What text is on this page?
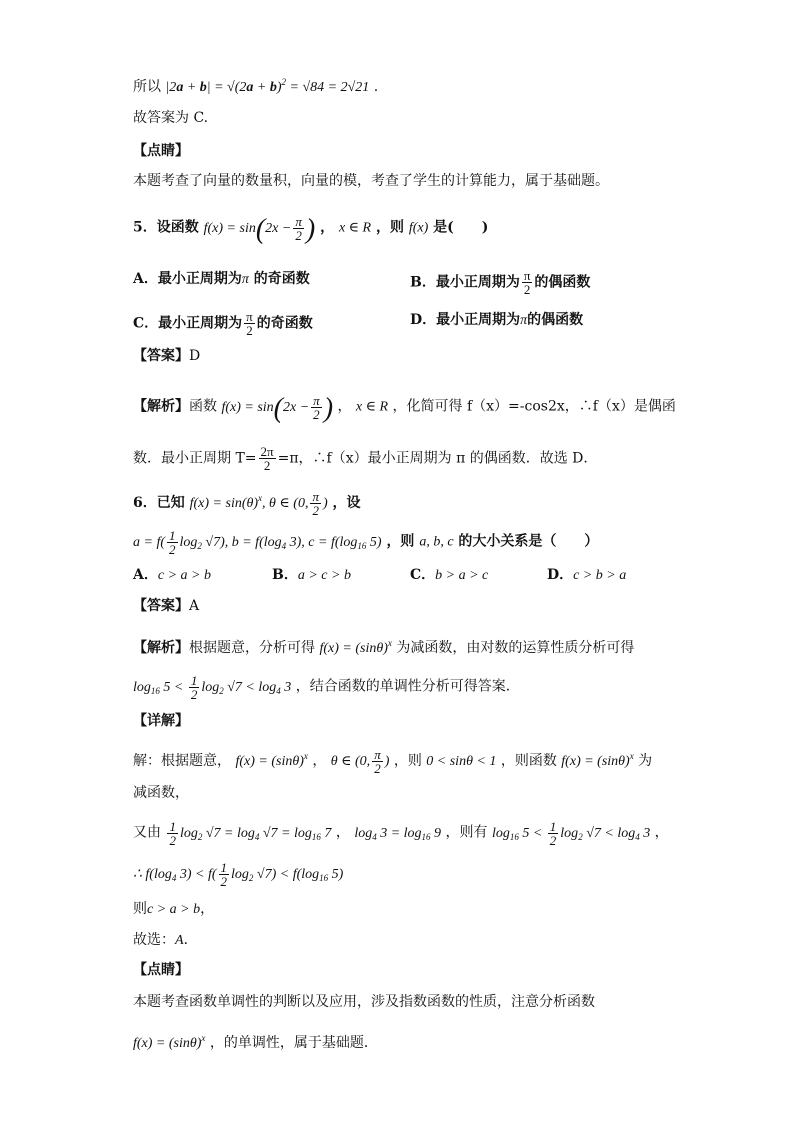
所以 $|2a + b| = √(2a + b)^2 = √84 = 2√21$ .
故答案为 C.
【点睛】
本题考查了向量的数量积，向量的模，考查了学生的计算能力，属于基础题。
5．设函数 $f(x) = \sin(2x - \frac{\pi}{2}$ ) ， x ∈ R ，则 f(x) 是(　　)
A．最小正周期为π 的奇函数	B．最小正周期为 $\frac{\pi}{2}$ 的偶函数
C．最小正周期为 $\frac{\pi}{2}$ 的奇函数	D．最小正周期为π的偶函数
【答案】D
【解析】函数 $f(x) = \sin(2x - \frac{\pi}{2}$ ) ， x ∈ R ，化简可得 f（x）=-cos2x，∴f（x）是偶函
数．最小正周期 $T= \frac{2\pi}{2} =\pi$，∴f（x）最小正周期为 π 的偶函数．故选 D．
6．已知 $f(x) = \sin(\theta)^x$, θ ∈ (0, $\frac{\pi}{2}$ ) ，设
$a = f( \frac{1}{2} \log_2 √7)$, $b = f(\log_4$ 3), $c = f(\log_{16}$ 5) ，则 a, b, c 的大小关系是（　　）
A．c > a > b	B．a > c > b	C．b > a > c	D．c > b > a
【答案】A
【解析】根据题意，分析可得 $f(x) = (\sin\theta)^x$ 为减函数，由对数的运算性质分析可得
$\log_{16} 5 < \frac{1}{2} \log_2 √7 < \log_4 3$ ，结合函数的单调性分析可得答案．
【详解】
解：根据题意， $f(x) = (\sin\theta)^x$ ， θ ∈ (0, $\frac{\pi}{2}$ ) ，则 0 < sinθ < 1 ，则函数 $f(x) = (\sin\theta)^x$ 为
减函数，
又由 $\frac{1}{2} \log_2 √7 = \log_4 √7 = \log_{16} 7$ ， $\log_4 3 = \log_{16} 9$ ，则有 $\log_{16} 5 < \frac{1}{2} \log_2 √7 < \log_4 3$ ，
∴ $f(\log_4$ $3) < f( \frac{1}{2} \log_2 √7) < f(\log_{16}$ 5)
则c > a > b，
故选：A．
【点睛】
本题考查函数单调性的判断以及应用，涉及指数函数的性质，注意分析函数
$f(x) = (\sin\theta)^x$ ，的单调性，属于基础题．
